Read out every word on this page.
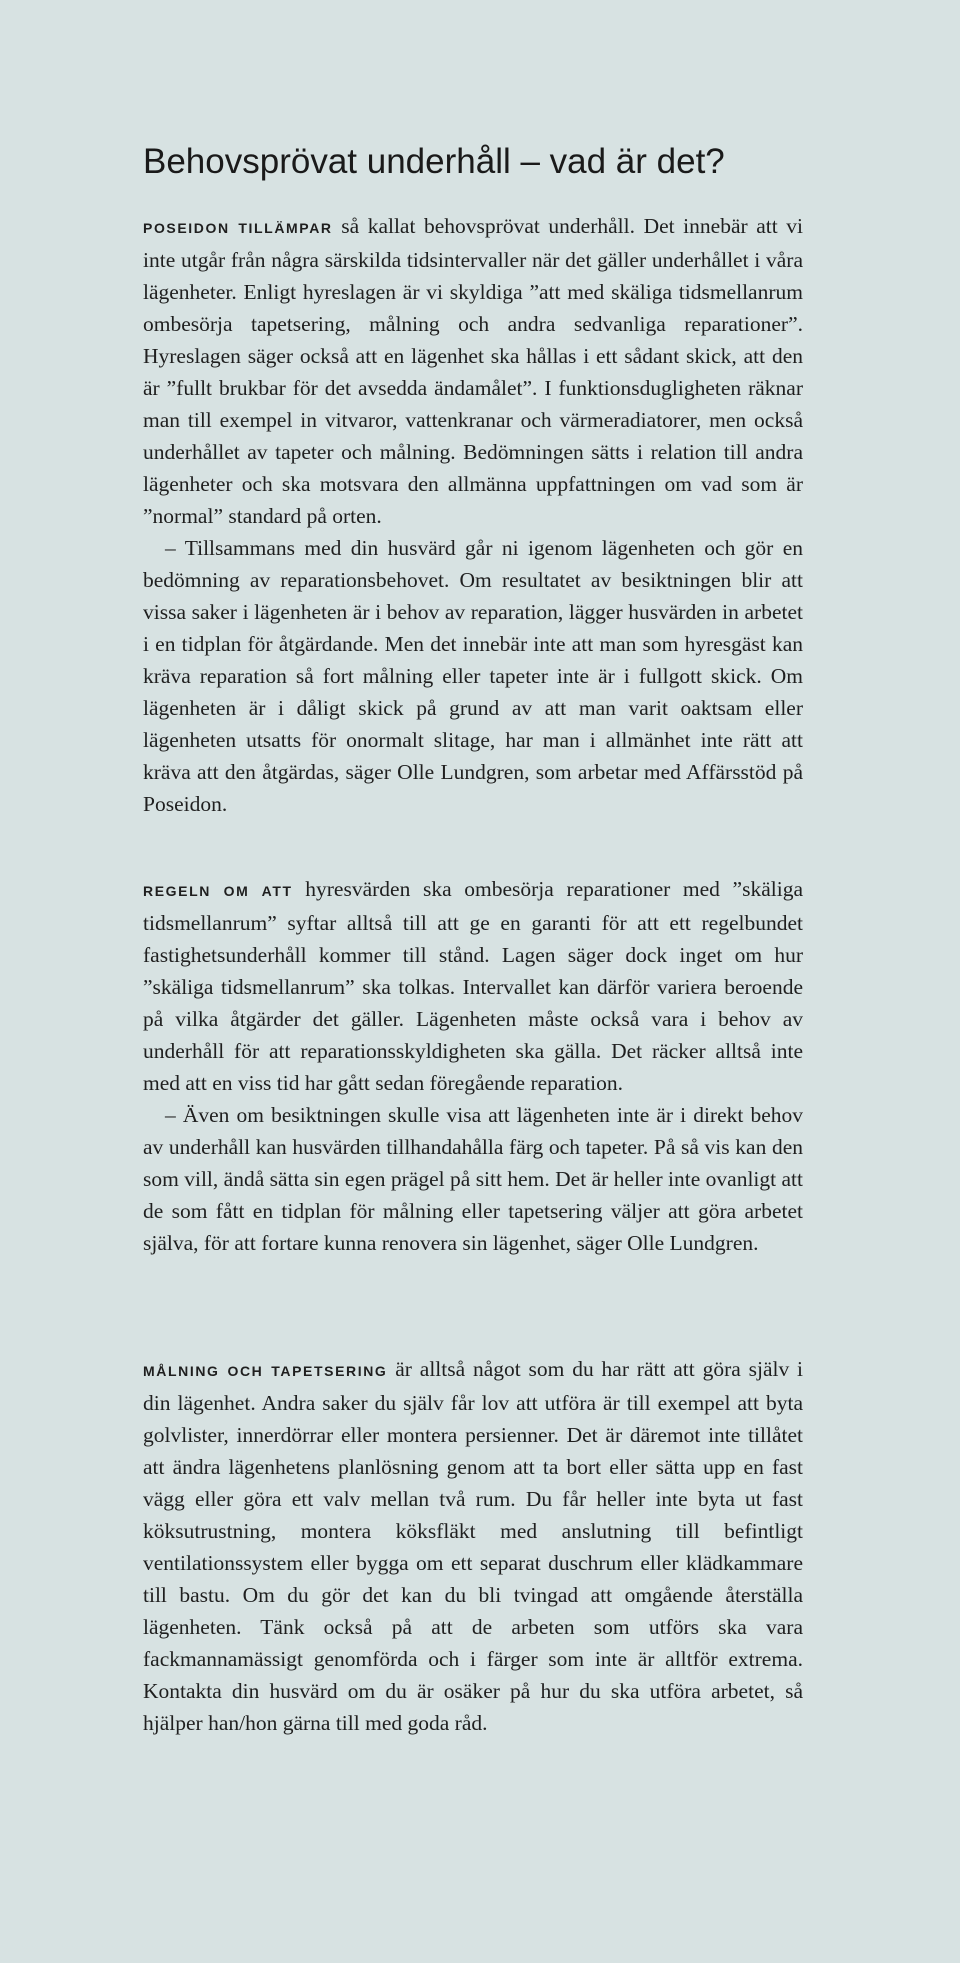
Behovsprövat underhåll – vad är det?

POSEIDON TILLÄMPAR så kallat behovsprövat underhåll. Det innebär att vi inte utgår från några särskilda tidsintervaller när det gäller underhållet i våra lägenheter. Enligt hyreslagen är vi skyldiga ”att med skäliga tidsmellanrum ombesörja tapetsering, målning och andra sedvanliga reparationer”. Hyreslagen säger också att en lägenhet ska hållas i ett sådant skick, att den är ”fullt brukbar för det avsedda ändamålet”. I funktionsdugligheten räknar man till exempel in vitvaror, vattenkranar och värmeradiatorer, men också underhållet av tapeter och målning. Bedömningen sätts i relation till andra lägenheter och ska motsvara den allmänna uppfattningen om vad som är ”normal” standard på orten.

– Tillsammans med din husvärd går ni igenom lägenheten och gör en bedömning av reparationsbehovet. Om resultatet av besiktningen blir att vissa saker i lägenheten är i behov av reparation, lägger husvärden in arbetet i en tidplan för åtgärdande. Men det innebär inte att man som hyresgäst kan kräva reparation så fort målning eller tapeter inte är i fullgott skick. Om lägenheten är i dåligt skick på grund av att man varit oaktsam eller lägenheten utsatts för onormalt slitage, har man i allmänhet inte rätt att kräva att den åtgärdas, säger Olle Lundgren, som arbetar med Affärsstöd på Poseidon.

REGELN OM ATT hyresvärden ska ombesörja reparationer med ”skäliga tidsmellanrum” syftar alltså till att ge en garanti för att ett regelbundet fastighetsunderhåll kommer till stånd. Lagen säger dock inget om hur ”skäliga tidsmellanrum” ska tolkas. Intervallet kan därför variera beroende på vilka åtgärder det gäller. Lägenheten måste också vara i behov av underhåll för att reparationsskyldigheten ska gälla. Det räcker alltså inte med att en viss tid har gått sedan föregående reparation.

– Även om besiktningen skulle visa att lägenheten inte är i direkt behov av underhåll kan husvärden tillhandahålla färg och tapeter. På så vis kan den som vill, ändå sätta sin egen prägel på sitt hem. Det är heller inte ovanligt att de som fått en tidplan för målning eller tapetsering väljer att göra arbetet själva, för att fortare kunna renovera sin lägenhet, säger Olle Lundgren.

MÅLNING OCH TAPETSERING är alltså något som du har rätt att göra själv i din lägenhet. Andra saker du själv får lov att utföra är till exempel att byta golvlister, innerdörrar eller montera persienner. Det är däremot inte tillåtet att ändra lägenhetens planlösning genom att ta bort eller sätta upp en fast vägg eller göra ett valv mellan två rum. Du får heller inte byta ut fast köksutrustning, montera köksfläkt med anslutning till befintligt ventilationssystem eller bygga om ett separat duschrum eller klädkammare till bastu. Om du gör det kan du bli tvingad att omgående återställa lägenheten. Tänk också på att de arbeten som utförs ska vara fackmannamässigt genomförda och i färger som inte är alltför extrema. Kontakta din husvärd om du är osäker på hur du ska utföra arbetet, så hjälper han/hon gärna till med goda råd.
